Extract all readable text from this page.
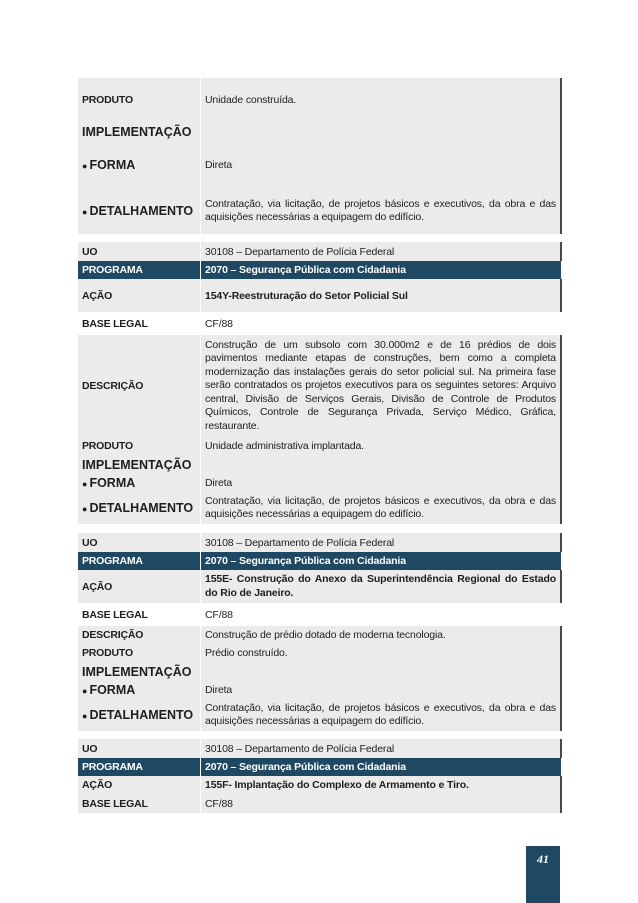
PRODUTO	Unidade construída.
IMPLEMENTAÇÃO	
● FORMA	Direta
● DETALHAMENTO	Contratação, via licitação, de projetos básicos e executivos, da obra e das aquisições necessárias a equipagem do edifício.
UO	30108 – Departamento de Polícia Federal
PROGRAMA	2070 – Segurança Pública com Cidadania
AÇÃO	154Y-Reestruturação do Setor Policial Sul
BASE LEGAL	CF/88
DESCRIÇÃO	Construção de um subsolo com 30.000m2 e de 16 prédios de dois pavimentos mediante etapas de construções, bem como a completa modernização das instalações gerais do setor policial sul. Na primeira fase serão contratados os projetos executivos para os seguintes setores: Arquivo central, Divisão de Serviços Gerais, Divisão de Controle de Produtos Químicos, Controle de Segurança Privada, Serviço Médico, Gráfica, restaurante.
PRODUTO	Unidade administrativa implantada.
IMPLEMENTAÇÃO	
● FORMA	Direta
● DETALHAMENTO	Contratação, via licitação, de projetos básicos e executivos, da obra e das aquisições necessárias a equipagem do edifício.
UO	30108 – Departamento de Polícia Federal
PROGRAMA	2070 – Segurança Pública com Cidadania
AÇÃO	155E- Construção do Anexo da Superintendência Regional do Estado do Rio de Janeiro.
BASE LEGAL	CF/88
DESCRIÇÃO	Construção de prédio dotado de moderna tecnologia.
PRODUTO	Prédio construído.
IMPLEMENTAÇÃO	
● FORMA	Direta
● DETALHAMENTO	Contratação, via licitação, de projetos básicos e executivos, da obra e das aquisições necessárias a equipagem do edifício.
UO	30108 – Departamento de Polícia Federal
PROGRAMA	2070 – Segurança Pública com Cidadania
AÇÃO	155F- Implantação do Complexo de Armamento e Tiro.
BASE LEGAL	CF/88
41
